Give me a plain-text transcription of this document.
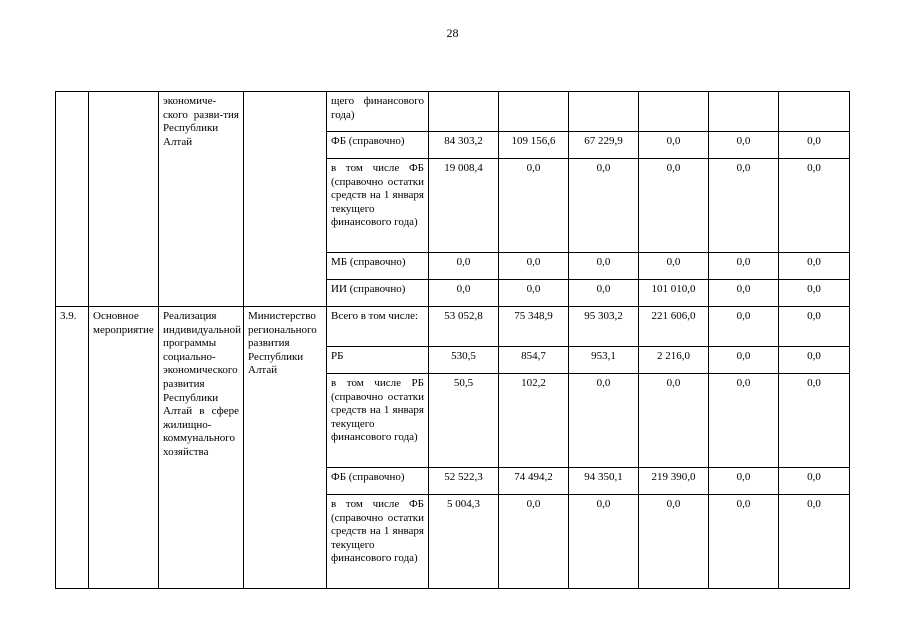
28
		экономиче-ского разви-тия Республики Алтай		щего финансового года)						
				ФБ (справочно)	84 303,2	109 156,6	67 229,9	0,0	0,0	0,0
				в том числе ФБ (справочно остатки средств на 1 января текущего финансового года)	19 008,4	0,0	0,0	0,0	0,0	0,0
				МБ (справочно)	0,0	0,0	0,0	0,0	0,0	0,0
				ИИ (справочно)	0,0	0,0	0,0	101 010,0	0,0	0,0
3.9.	Основное мероприятие	Реализация индивидуальной программы социально-экономического развития Республики Алтай в сфере жилищно-коммунального хозяйства	Министерство регионального развития Республики Алтай	Всего в том числе:	53 052,8	75 348,9	95 303,2	221 606,0	0,0	0,0
				РБ	530,5	854,7	953,1	2 216,0	0,0	0,0
				в том числе РБ (справочно остатки средств на 1 января текущего финансового года)	50,5	102,2	0,0	0,0	0,0	0,0
				ФБ (справочно)	52 522,3	74 494,2	94 350,1	219 390,0	0,0	0,0
				в том числе ФБ (справочно остатки средств на 1 января текущего финансового года)	5 004,3	0,0	0,0	0,0	0,0	0,0
